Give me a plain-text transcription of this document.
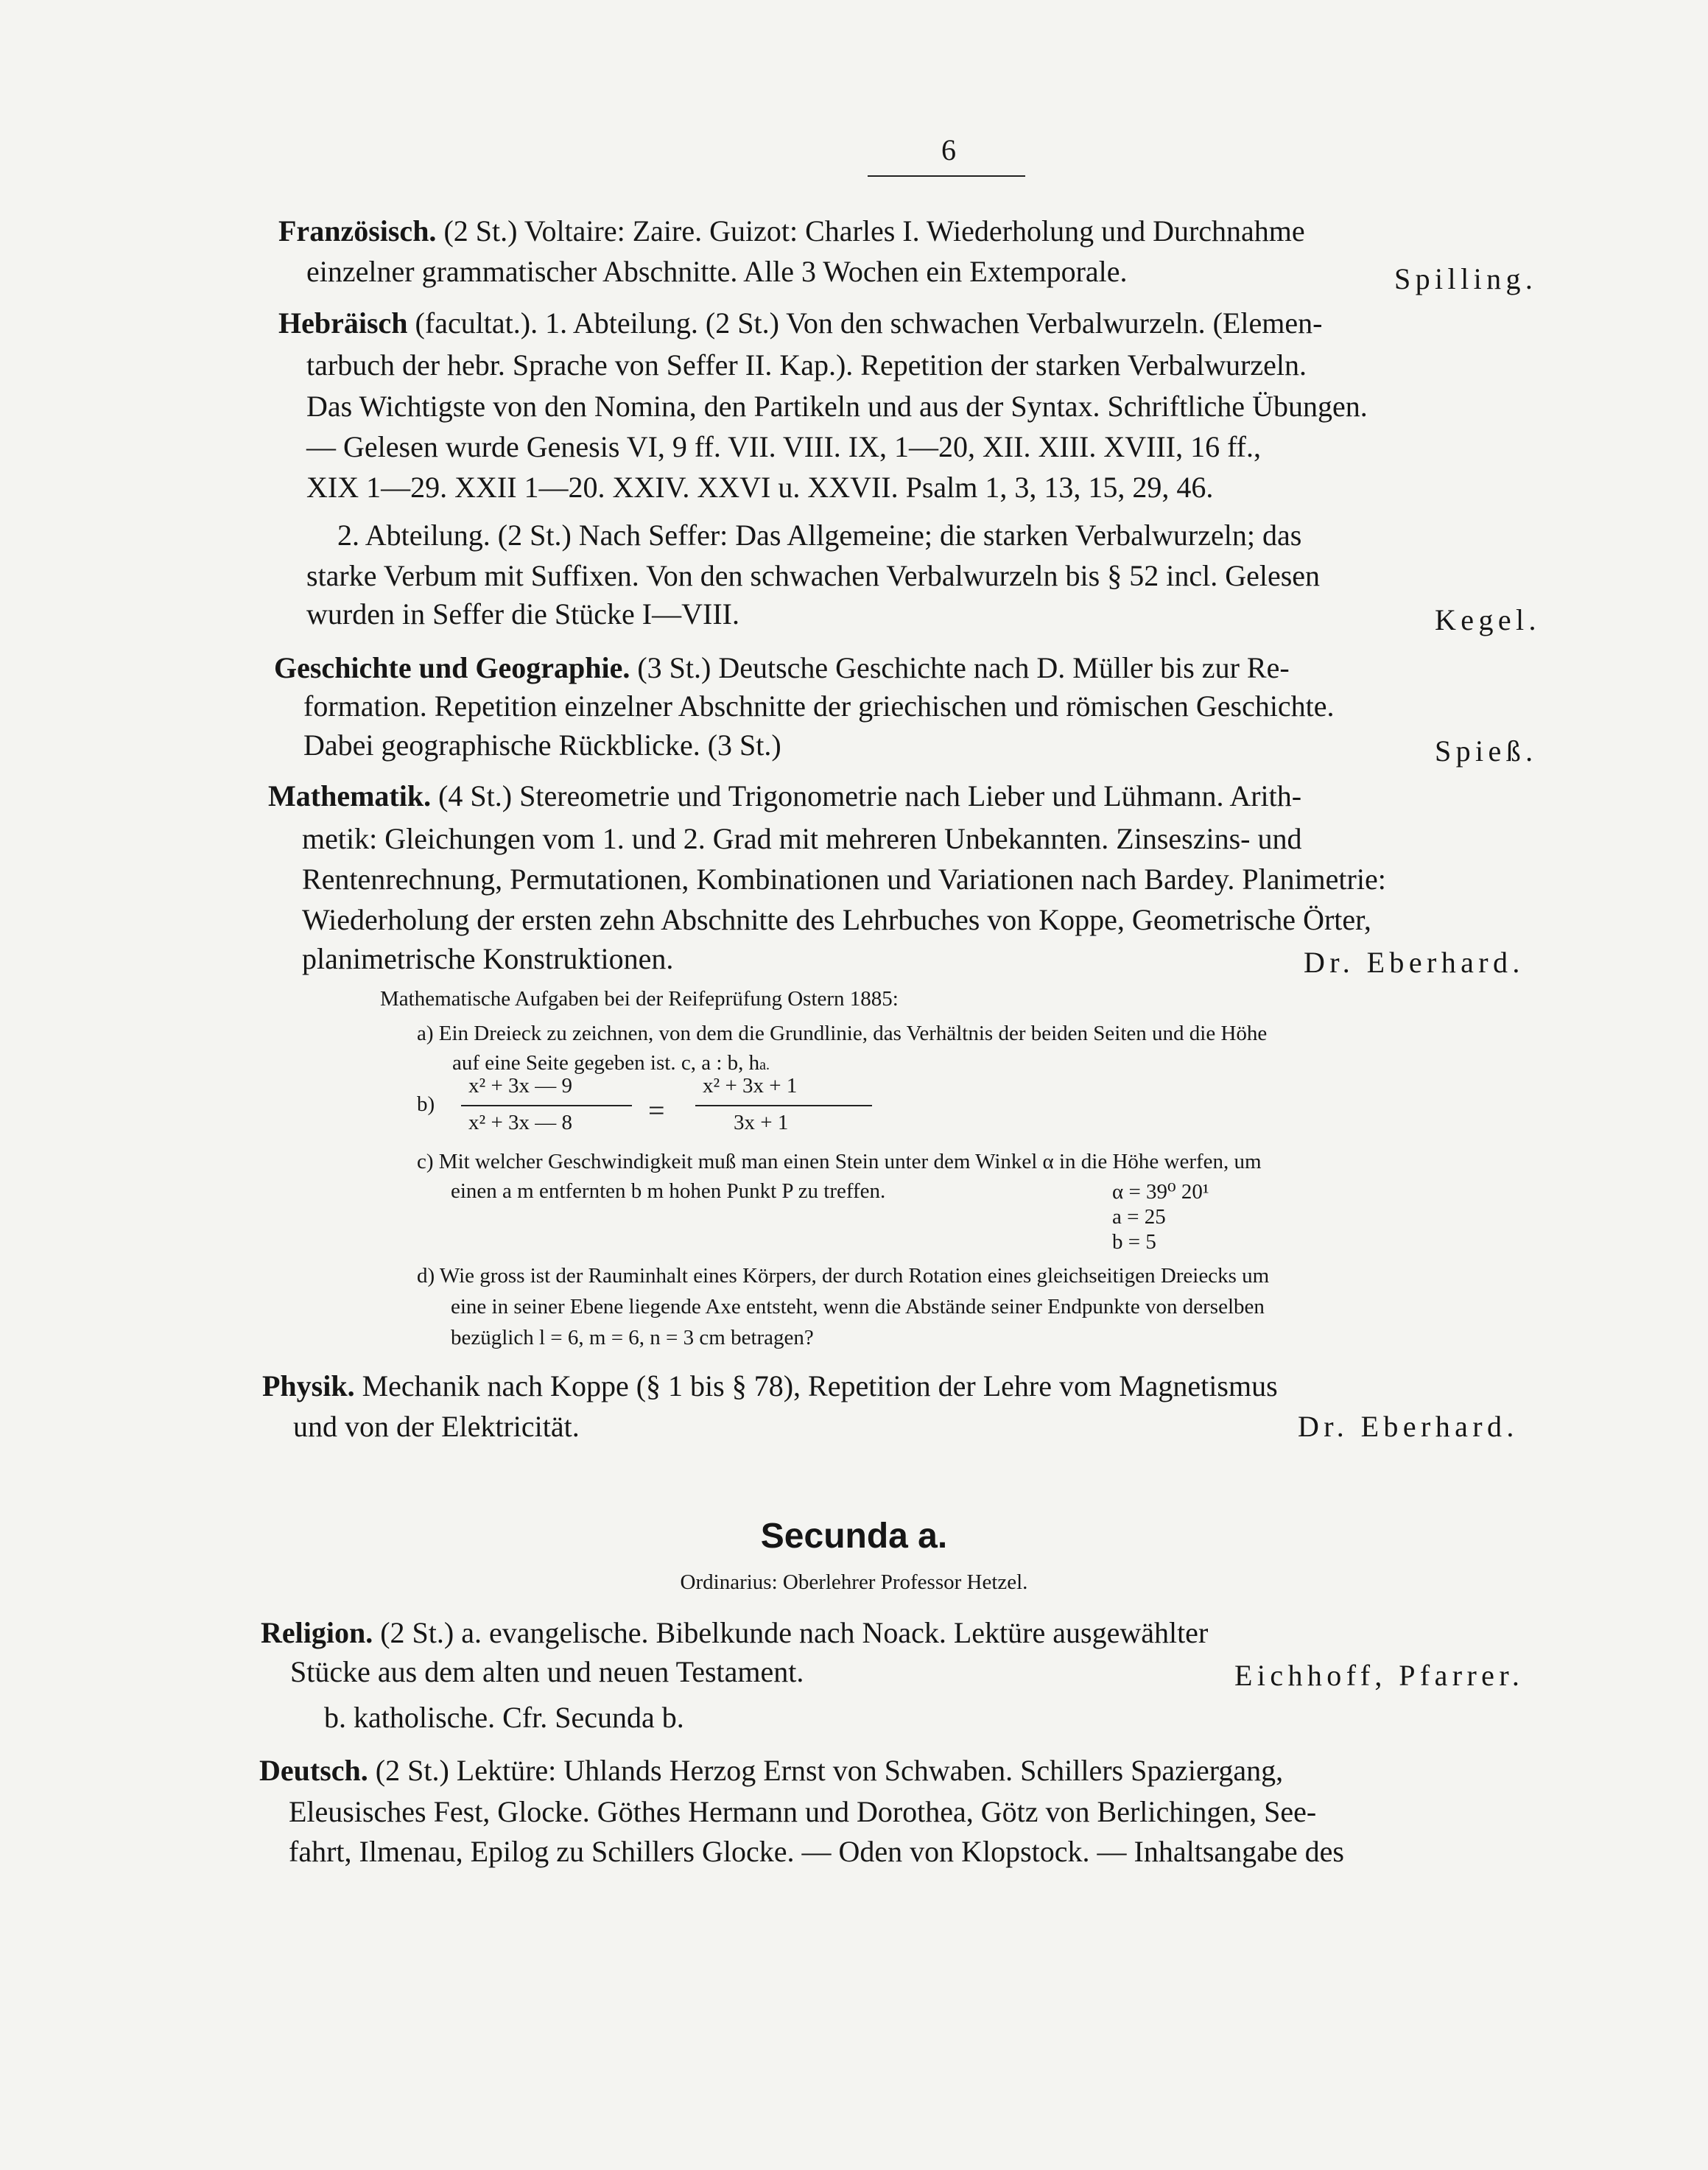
6
Französisch. (2 St.) Voltaire: Zaire. Guizot: Charles I. Wiederholung und Durchnahme
einzelner grammatischer Abschnitte. Alle 3 Wochen ein Extemporale.	Spilling.
Hebräisch (facultat.). 1. Abteilung. (2 St.) Von den schwachen Verbalwurzeln. (Elemen-
tarbuch der hebr. Sprache von Seffer II. Kap.). Repetition der starken Verbalwurzeln.
Das Wichtigste von den Nomina, den Partikeln und aus der Syntax. Schriftliche Übungen.
— Gelesen wurde Genesis VI, 9 ff. VII. VIII. IX, 1—20, XII. XIII. XVIII, 16 ff.,
XIX 1—29. XXII 1—20. XXIV. XXVI u. XXVII. Psalm 1, 3, 13, 15, 29, 46.
2. Abteilung. (2 St.) Nach Seffer: Das Allgemeine; die starken Verbalwurzeln; das
starke Verbum mit Suffixen. Von den schwachen Verbalwurzeln bis § 52 incl. Gelesen
wurden in Seffer die Stücke I—VIII.	Kegel.
Geschichte und Geographie. (3 St.) Deutsche Geschichte nach D. Müller bis zur Re-
formation. Repetition einzelner Abschnitte der griechischen und römischen Geschichte.
Dabei geographische Rückblicke. (3 St.)	Spieß.
Mathematik. (4 St.) Stereometrie und Trigonometrie nach Lieber und Lühmann. Arith-
metik: Gleichungen vom 1. und 2. Grad mit mehreren Unbekannten. Zinseszins- und
Rentenrechnung, Permutationen, Kombinationen und Variationen nach Bardey. Planimetrie:
Wiederholung der ersten zehn Abschnitte des Lehrbuches von Koppe, Geometrische Örter,
planimetrische Konstruktionen.	Dr. Eberhard.
Mathematische Aufgaben bei der Reifeprüfung Ostern 1885:
a) Ein Dreieck zu zeichnen, von dem die Grundlinie, das Verhältnis der beiden Seiten und die Höhe
auf eine Seite gegeben ist. c, a : b, ha.
b)
x² + 3x — 9
x² + 3x — 8	=
x² + 3x + 1
3x + 1
c) Mit welcher Geschwindigkeit muß man einen Stein unter dem Winkel α in die Höhe werfen, um
einen a m entfernten b m hohen Punkt P zu treffen.	α = 39⁰ 20¹
a = 25
b = 5
d) Wie gross ist der Rauminhalt eines Körpers, der durch Rotation eines gleichseitigen Dreiecks um
eine in seiner Ebene liegende Axe entsteht, wenn die Abstände seiner Endpunkte von derselben
bezüglich l = 6, m = 6, n = 3 cm betragen?
Physik. Mechanik nach Koppe (§ 1 bis § 78), Repetition der Lehre vom Magnetismus
und von der Elektricität.	Dr. Eberhard.
Secunda a.
Ordinarius: Oberlehrer Professor Hetzel.
Religion. (2 St.) a. evangelische. Bibelkunde nach Noack. Lektüre ausgewählter
Stücke aus dem alten und neuen Testament.	Eichhoff, Pfarrer.
b. katholische. Cfr. Secunda b.
Deutsch. (2 St.) Lektüre: Uhlands Herzog Ernst von Schwaben. Schillers Spaziergang,
Eleusisches Fest, Glocke. Göthes Hermann und Dorothea, Götz von Berlichingen, See-
fahrt, Ilmenau, Epilog zu Schillers Glocke. — Oden von Klopstock. — Inhaltsangabe des
